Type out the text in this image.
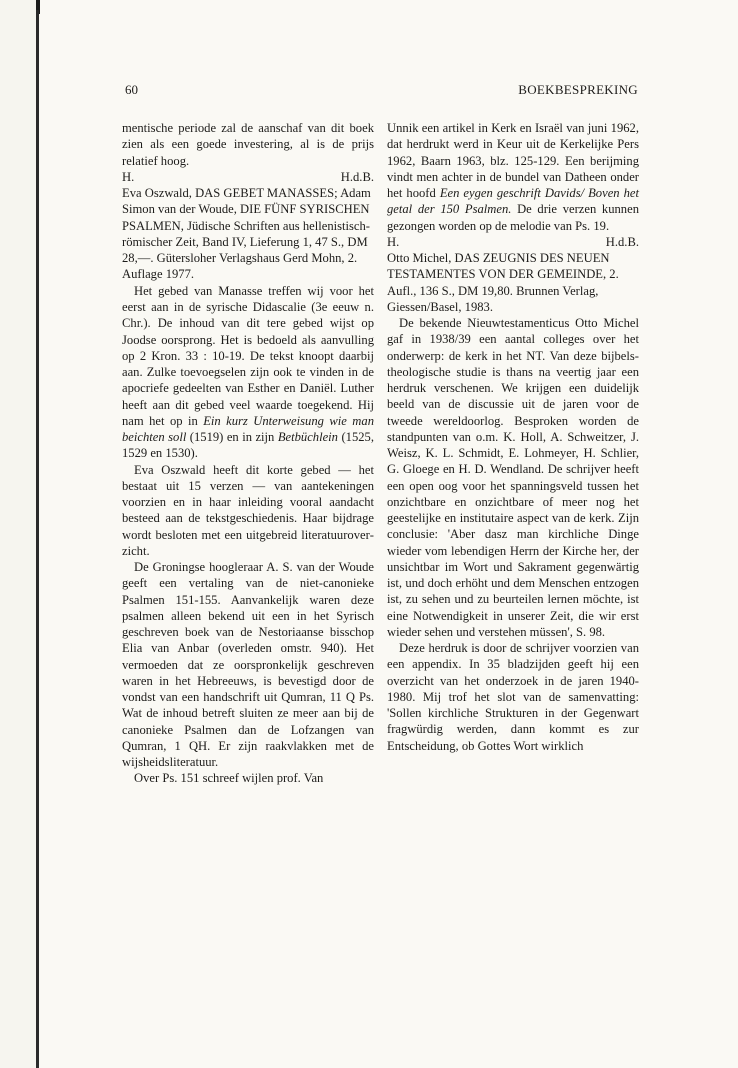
60	BOEKBESPREKING

mentische periode zal de aanschaf van dit boek zien als een goede investering, al is de prijs relatief hoog.

H.	H.d.B.

Eva Oszwald, DAS GEBET MANASSES; Adam Simon van der Woude, DIE FÜNF SYRISCHEN PSALMEN, Jüdische Schriften aus hellenistisch-römischer Zeit, Band IV, Lieferung 1, 47 S., DM 28,—. Gütersloher Verlagshaus Gerd Mohn, 2. Auflage 1977.

Het gebed van Manasse treffen wij voor het eerst aan in de syrische Didascalie (3e eeuw n. Chr.). De inhoud van dit tere gebed wijst op Joodse oorsprong. Het is bedoeld als aanvulling op 2 Kron. 33 : 10-19. De tekst knoopt daarbij aan. Zulke toevoegselen zijn ook te vinden in de apocriefe gedeelten van Esther en Daniël. Luther heeft aan dit gebed veel waarde toegekend. Hij nam het op in Ein kurz Unterweisung wie man beichten soll (1519) en in zijn Betbüchlein (1525, 1529 en 1530).

Eva Oszwald heeft dit korte gebed — het bestaat uit 15 verzen — van aantekeningen voorzien en in haar inleiding vooral aandacht besteed aan de tekstgeschiedenis. Haar bijdrage wordt besloten met een uitgebreid literatuuroverzicht.

De Groningse hoogleraar A. S. van der Woude geeft een vertaling van de niet-canonieke Psalmen 151-155. Aanvankelijk waren deze psalmen alleen bekend uit een in het Syrisch geschreven boek van de Nestoriaanse bisschop Elia van Anbar (overleden omstr. 940). Het vermoeden dat ze oorspronkelijk geschreven waren in het Hebreeuws, is bevestigd door de vondst van een handschrift uit Qumran, 11 Q Ps. Wat de inhoud betreft sluiten ze meer aan bij de canonieke Psalmen dan de Lofzangen van Qumran, 1 QH. Er zijn raakvlakken met de wijsheidsliteratuur.

Over Ps. 151 schreef wijlen prof. Van

Unnik een artikel in Kerk en Israël van juni 1962, dat herdrukt werd in Keur uit de Kerkelijke Pers 1962, Baarn 1963, blz. 125-129. Een berijming vindt men achter in de bundel van Datheen onder het hoofd Een eygen geschrift Davids/ Boven het getal der 150 Psalmen. De drie verzen kunnen gezongen worden op de melodie van Ps. 19.

H.	H.d.B.

Otto Michel, DAS ZEUGNIS DES NEUEN TESTAMENTES VON DER GEMEINDE, 2. Aufl., 136 S., DM 19,80. Brunnen Verlag, Giessen/Basel, 1983.

De bekende Nieuwtestamenticus Otto Michel gaf in 1938/39 een aantal colleges over het onderwerp: de kerk in het NT. Van deze bijbels-theologische studie is thans na veertig jaar een herdruk verschenen. We krijgen een duidelijk beeld van de discussie uit de jaren voor de tweede wereldoorlog. Besproken worden de standpunten van o.m. K. Holl, A. Schweitzer, J. Weisz, K. L. Schmidt, E. Lohmeyer, H. Schlier, G. Gloege en H. D. Wendland. De schrijver heeft een open oog voor het spanningsveld tussen het onzichtbare en onzichtbare of meer nog het geestelijke en institutaire aspect van de kerk. Zijn conclusie: 'Aber dasz man kirchliche Dinge wieder vom lebendigen Herrn der Kirche her, der unsichtbar im Wort und Sakrament gegenwärtig ist, und doch erhöht und dem Menschen entzogen ist, zu sehen und zu beurteilen lernen möchte, ist eine Notwendigkeit in unserer Zeit, die wir erst wieder sehen und verstehen müssen', S. 98.

Deze herdruk is door de schrijver voorzien van een appendix. In 35 bladzijden geeft hij een overzicht van het onderzoek in de jaren 1940-1980. Mij trof het slot van de samenvatting: 'Sollen kirchliche Strukturen in der Gegenwart fragwürdig werden, dann kommt es zur Entscheidung, ob Gottes Wort wirklich
